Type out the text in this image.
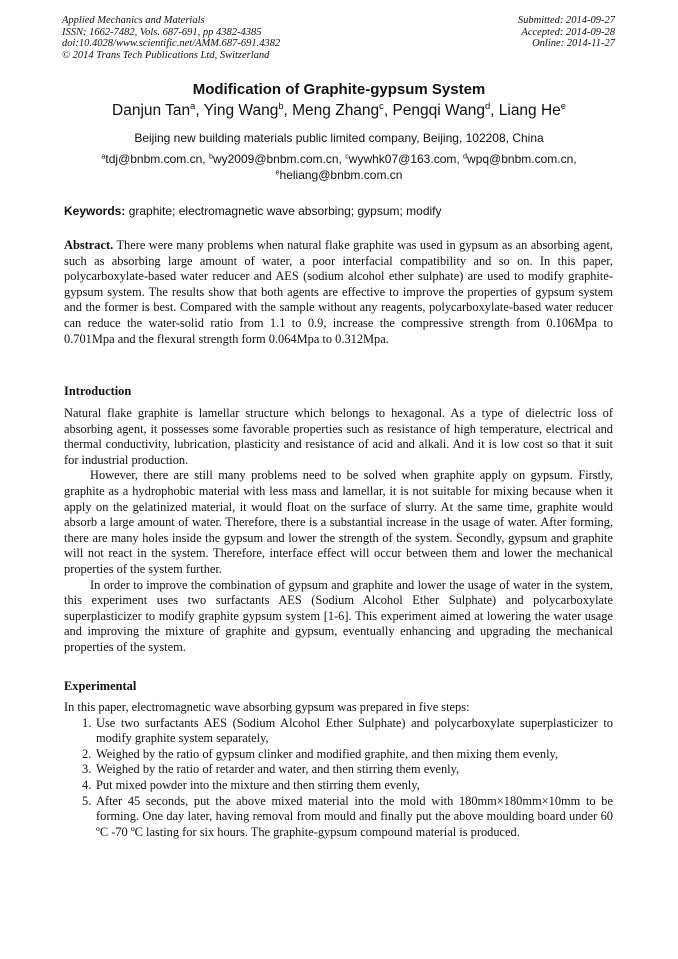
Applied Mechanics and Materials
ISSN: 1662-7482, Vols. 687-691, pp 4382-4385
doi:10.4028/www.scientific.net/AMM.687-691.4382
© 2014 Trans Tech Publications Ltd, Switzerland
Submitted: 2014-09-27
Accepted: 2014-09-28
Online: 2014-11-27
Modification of Graphite-gypsum System
Danjun Tan$^a$, Ying Wang$^b$, Meng Zhang$^c$, Pengqi Wang$^d$, Liang He$^e$
Beijing new building materials public limited company, Beijing, 102208, China
$^a$tdj@bnbm.com.cn, $^b$wy2009@bnbm.com.cn, $^c$wywhk07@163.com, $^d$wpq@bnbm.com.cn,
$^e$heliang@bnbm.com.cn
Keywords: graphite; electromagnetic wave absorbing; gypsum; modify
Abstract. There were many problems when natural flake graphite was used in gypsum as an absorbing agent, such as absorbing large amount of water, a poor interfacial compatibility and so on. In this paper, polycarboxylate-based water reducer and AES (sodium alcohol ether sulphate) are used to modify graphite-gypsum system. The results show that both agents are effective to improve the properties of gypsum system and the former is best. Compared with the sample without any reagents, polycarboxylate-based water reducer can reduce the water-solid ratio from 1.1 to 0.9, increase the compressive strength from 0.106Mpa to 0.701Mpa and the flexural strength form 0.064Mpa to 0.312Mpa.
Introduction

Natural flake graphite is lamellar structure which belongs to hexagonal. As a type of dielectric loss of absorbing agent, it possesses some favorable properties such as resistance of high temperature, electrical and thermal conductivity, lubrication, plasticity and resistance of acid and alkali. And it is low cost so that it suit for industrial production.

However, there are still many problems need to be solved when graphite apply on gypsum. Firstly, graphite as a hydrophobic material with less mass and lamellar, it is not suitable for mixing because when it apply on the gelatinized material, it would float on the surface of slurry. At the same time, graphite would absorb a large amount of water. Therefore, there is a substantial increase in the usage of water. After forming, there are many holes inside the gypsum and lower the strength of the system. Secondly, gypsum and graphite will not react in the system. Therefore, interface effect will occur between them and lower the mechanical properties of the system further.

In order to improve the combination of gypsum and graphite and lower the usage of water in the system, this experiment uses two surfactants AES (Sodium Alcohol Ether Sulphate) and polycarboxylate superplasticizer to modify graphite gypsum system [1-6]. This experiment aimed at lowering the water usage and improving the mixture of graphite and gypsum, eventually enhancing and upgrading the mechanical properties of the system.

Experimental

In this paper, electromagnetic wave absorbing gypsum was prepared in five steps:

1. Use two surfactants AES (Sodium Alcohol Ether Sulphate) and polycarboxylate superplasticizer to modify graphite system separately,
2. Weighed by the ratio of gypsum clinker and modified graphite, and then mixing them evenly,
3. Weighed by the ratio of retarder and water, and then stirring them evenly,
4. Put mixed powder into the mixture and then stirring them evenly,
5. After 45 seconds, put the above mixed material into the mold with 180mm×180mm×10mm to be forming. One day later, having removal from mould and finally put the above moulding board under 60 ºC -70 ºC lasting for six hours. The graphite-gypsum compound material is produced.
